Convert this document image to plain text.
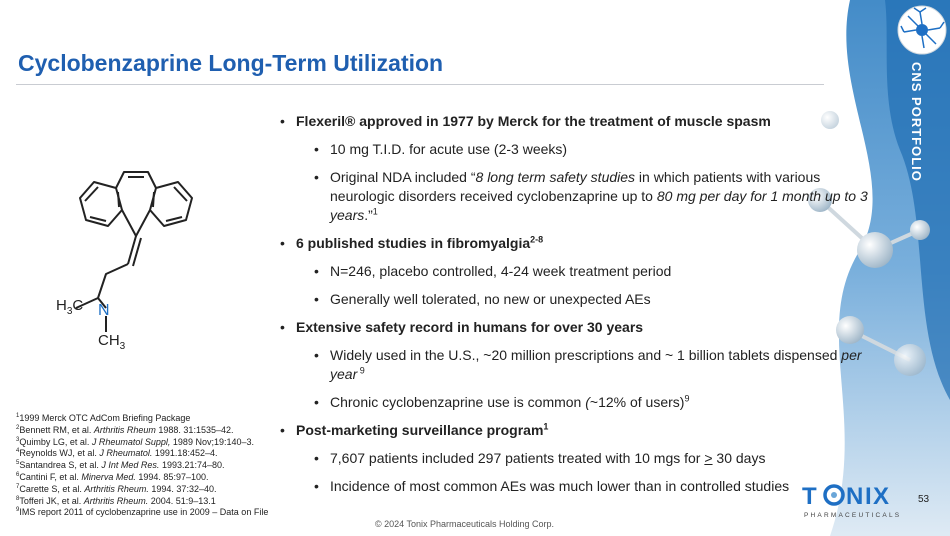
CNS PORTFOLIO
Cyclobenzaprine Long-Term Utilization
$H_3C$ N
$CH_3$
• Flexeril® approved in 1977 by Merck for the treatment of muscle spasm
• 10 mg T.I.D. for acute use (2-3 weeks)
• Original NDA included “8 long term safety studies in which patients with various neurologic disorders received cyclobenzaprine up to 80 mg per day for 1 month up to 3 years.”$^1$
• 6 published studies in fibromyalgia$^{2-8}$
• N=246, placebo controlled, 4-24 week treatment period
• Generally well tolerated, no new or unexpected AEs
• Extensive safety record in humans for over 30 years
• Widely used in the U.S., ~20 million prescriptions and ~ 1 billion tablets dispensed per year $^9$
• Chronic cyclobenzaprine use is common (~12% of users)$^9$
• Post-marketing surveillance program$^1$
• 7,607 patients included 297 patients treated with 10 mgs for > 30 days
• Incidence of most common AEs was much lower than in controlled studies
$^1$1999 Merck OTC AdCom Briefing Package
$^2$Bennett RM, et al. Arthritis Rheum 1988. 31:1535–42.
$^3$Quimby LG, et al. J Rheumatol Suppl, 1989 Nov;19:140–3.
$^4$Reynolds WJ, et al. J Rheumatol. 1991.18:452–4.
$^5$Santandrea S, et al. J Int Med Res. 1993.21:74–80.
$^6$Cantini F, et al. Minerva Med. 1994. 85:97–100.
$^7$Carette S, et al. Arthritis Rheum. 1994. 37:32–40.
$^8$Tofferi JK, et al. Arthritis Rheum. 2004. 51:9–13.1
$^9$IMS report 2011 of cyclobenzaprine use in 2009 – Data on File
© 2024 Tonix Pharmaceuticals Holding Corp.
53
T N I X
PHARMACEUTICALS
